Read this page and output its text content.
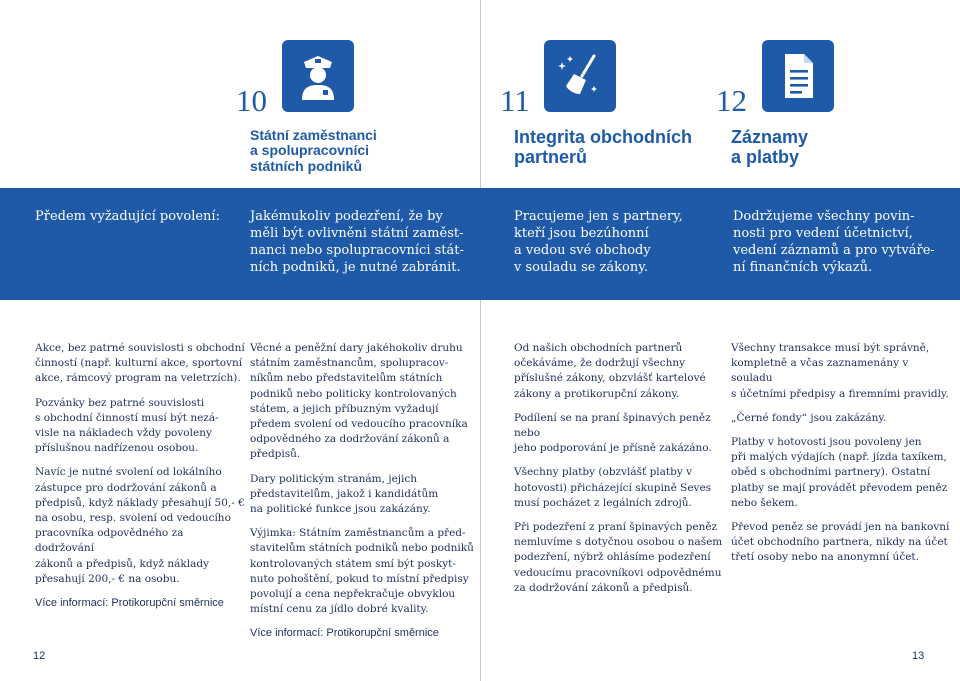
10
Státní zaměstnanci
a spolupracovníci
státních podniků
11
Integrita obchodních
partnerů
12
Záznamy
a platby
Předem vyžadující povolení: Jakémukoliv podezření, že by
měli být ovlivněni státní zaměst-
nanci nebo spolupracovníci stát-
ních podniků, je nutné zabránit.
Pracujeme jen s partnery,
kteří jsou bezúhonní
a vedou své obchody
v souladu se zákony.
Dodržujeme všechny povin-
nosti pro vedení účetnictví,
vedení záznamů a pro vytváře-
ní finančních výkazů.

Akce, bez patrné souvislosti s obchodní
činností (např. kulturní akce, sportovní
akce, rámcový program na veletrzích).

Pozvánky bez patrné souvislosti
s obchodní činností musí být nezá-
visle na nákladech vždy povoleny
příslušnou nadřízenou osobou.

Navíc je nutné svolení od lokálního
zástupce pro dodržování zákonů a
předpisů, když náklady přesahují 50,- €
na osobu, resp. svolení od vedoucího
pracovníka odpovědného za dodržování
zákonů a předpisů, když náklady
přesahují 200,- € na osobu.

Více informací: Protikorupční směrnice

Věcné a peněžní dary jakéhokoliv druhu
státním zaměstnancům, spolupracov-
níkům nebo představitelům státních
podniků nebo politicky kontrolovaných
státem, a jejich příbuzným vyžadují
předem svolení od vedoucího pracovníka
odpovědného za dodržování zákonů a
předpisů.

Dary politickým stranám, jejich
představitelům, jakož i kandidátům
na politické funkce jsou zakázány.

Výjimka: Státním zaměstnancům a před-
stavitelům státních podniků nebo podniků
kontrolovaných státem smí být poskyt-
nuto pohoštění, pokud to místní předpisy
povolují a cena nepřekračuje obvyklou
místní cenu za jídlo dobré kvality.

Více informací: Protikorupční směrnice

Od našich obchodních partnerů
očekáváme, že dodržují všechny
příslušné zákony, obzvlášť kartelové
zákony a protikorupční zákony.

Podílení se na praní špinavých peněz nebo
jeho podporování je přísně zakázáno.

Všechny platby (obzvlášť platby v
hotovosti) přicházející skupině Seves
musí pocházet z legálních zdrojů.

Při podezření z praní špinavých peněz
nemluvíme s dotyčnou osobou o našem
podezření, nýbrž ohlásíme podezření
vedoucímu pracovníkovi odpovědnému
za dodržování zákonů a předpisů.

Všechny transakce musí být správně,
kompletně a včas zaznamenány v souladu
s účetními předpisy a firemními pravidly.

„Černé fondy“ jsou zakázány.

Platby v hotovosti jsou povoleny jen
při malých výdajích (např. jízda taxíkem,
oběd s obchodními partnery). Ostatní
platby se mají provádět převodem peněz
nebo šekem.

Převod peněz se provádí jen na bankovní
účet obchodního partnera, nikdy na účet
třetí osoby nebo na anonymní účet.

12	13
